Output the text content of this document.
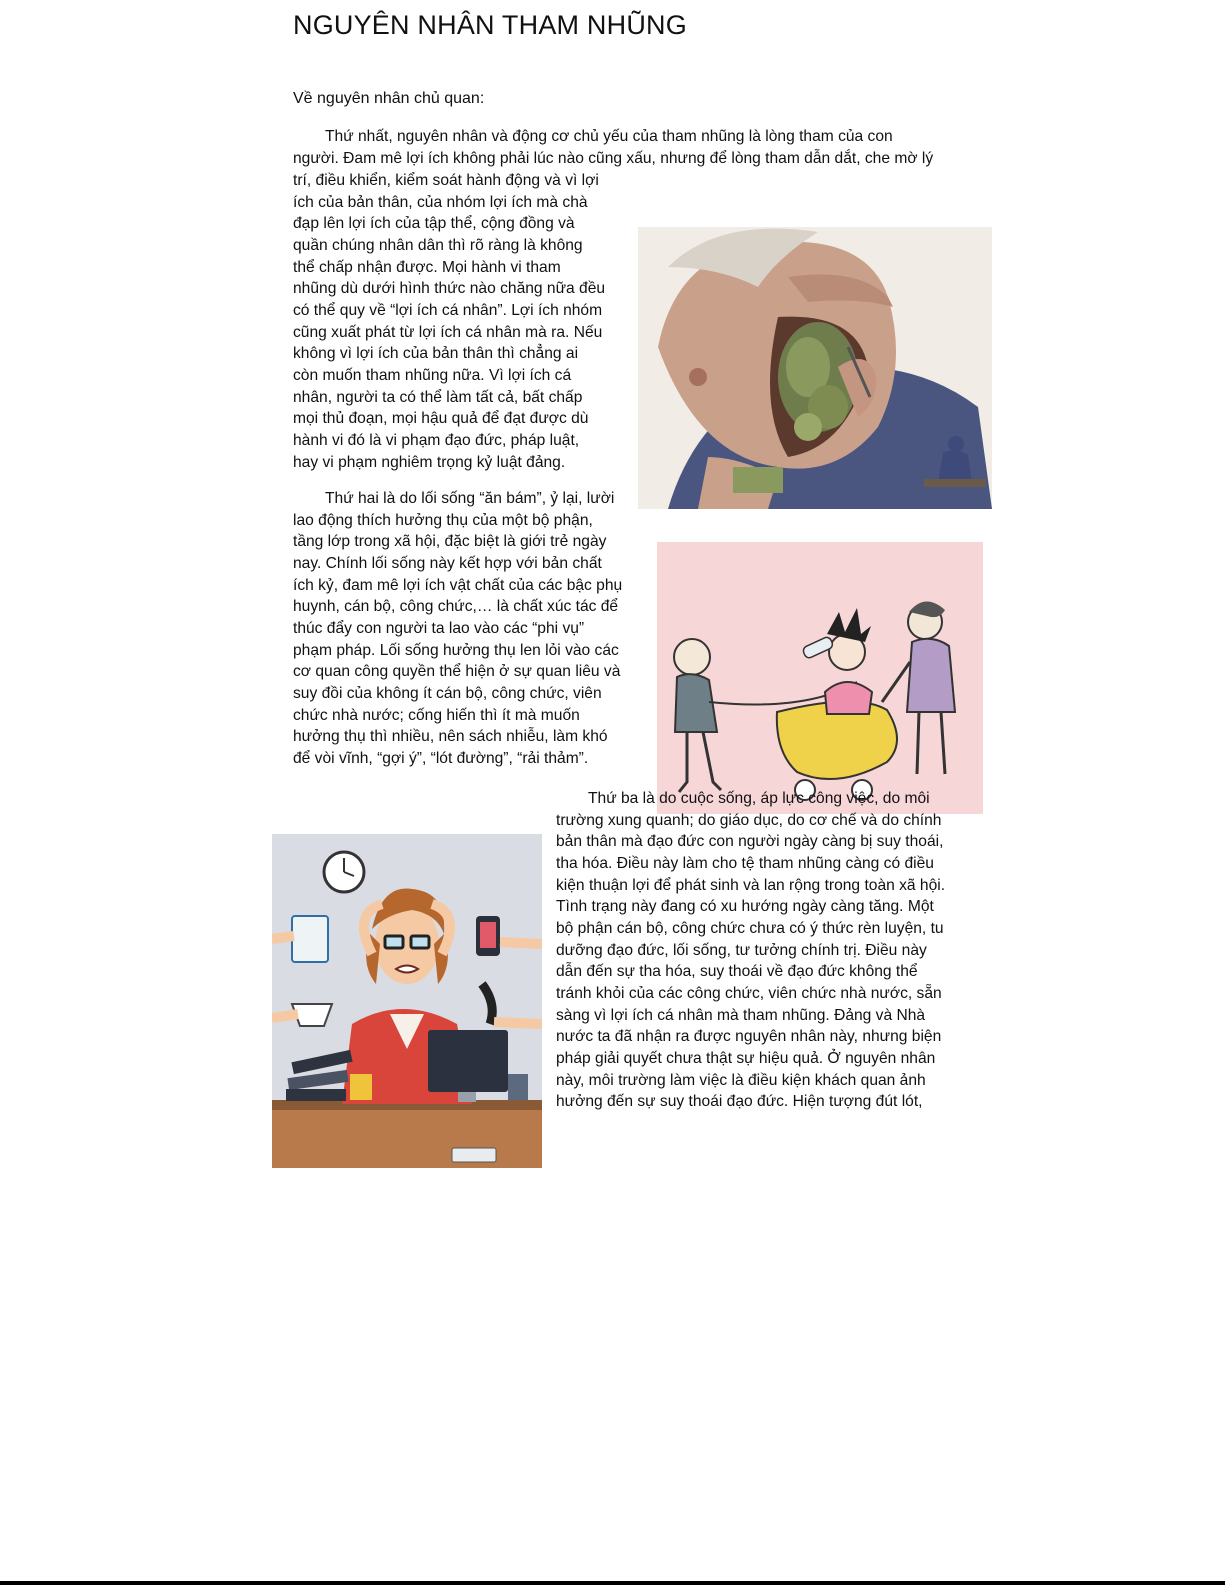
NGUYÊN NHÂN THAM NHŨNG

Về nguyên nhân chủ quan:

Thứ nhất, nguyên nhân và động cơ chủ yếu của tham nhũng là lòng tham của con
người. Đam mê lợi ích không phải lúc nào cũng xấu, nhưng để lòng tham dẫn dắt, che mờ lý
trí, điều khiển, kiểm soát hành động và vì lợi
ích của bản thân, của nhóm lợi ích mà chà
đạp lên lợi ích của tập thể, cộng đồng và
quần chúng nhân dân thì rõ ràng là không
thể chấp nhận được. Mọi hành vi tham
nhũng dù dưới hình thức nào chăng nữa đều
có thể quy về “lợi ích cá nhân”. Lợi ích nhóm
cũng xuất phát từ lợi ích cá nhân mà ra. Nếu
không vì lợi ích của bản thân thì chẳng ai
còn muốn tham nhũng nữa. Vì lợi ích cá
nhân, người ta có thể làm tất cả, bất chấp
mọi thủ đoạn, mọi hậu quả để đạt được dù
hành vi đó là vi phạm đạo đức, pháp luật,
hay vi phạm nghiêm trọng kỷ luật đảng.
Thứ hai là do lối sống “ăn bám”, ỷ lại, lười
lao động thích hưởng thụ của một bộ phận,
tầng lớp trong xã hội, đặc biệt là giới trẻ ngày
nay. Chính lối sống này kết hợp với bản chất
ích kỷ, đam mê lợi ích vật chất của các bậc phụ
huynh, cán bộ, công chức,… là chất xúc tác để
thúc đẩy con người ta lao vào các “phi vụ”
phạm pháp. Lối sống hưởng thụ len lỏi vào các
cơ quan công quyền thể hiện ở sự quan liêu và
suy đồi của không ít cán bộ, công chức, viên
chức nhà nước; cống hiến thì ít mà muốn
hưởng thụ thì nhiều, nên sách nhiễu, làm khó
để vòi vĩnh, “gợi ý”, “lót đường”, “rải thảm”.
Thứ ba là do cuộc sống, áp lực công việc, do môi
trường xung quanh; do giáo dục, do cơ chế và do chính
bản thân mà đạo đức con người ngày càng bị suy thoái,
tha hóa. Điều này làm cho tệ tham nhũng càng có điều
kiện thuận lợi để phát sinh và lan rộng trong toàn xã hội.
Tình trạng này đang có xu hướng ngày càng tăng. Một
bộ phận cán bộ, công chức chưa có ý thức rèn luyện, tu
dưỡng đạo đức, lối sống, tư tưởng chính trị. Điều này
dẫn đến sự tha hóa, suy thoái về đạo đức không thể
tránh khỏi của các công chức, viên chức nhà nước, sẵn
sàng vì lợi ích cá nhân mà tham nhũng. Đảng và Nhà
nước ta đã nhận ra được nguyên nhân này, nhưng biện
pháp giải quyết chưa thật sự hiệu quả. Ở nguyên nhân
này, môi trường làm việc là điều kiện khách quan ảnh
hưởng đến sự suy thoái đạo đức. Hiện tượng đút lót,
